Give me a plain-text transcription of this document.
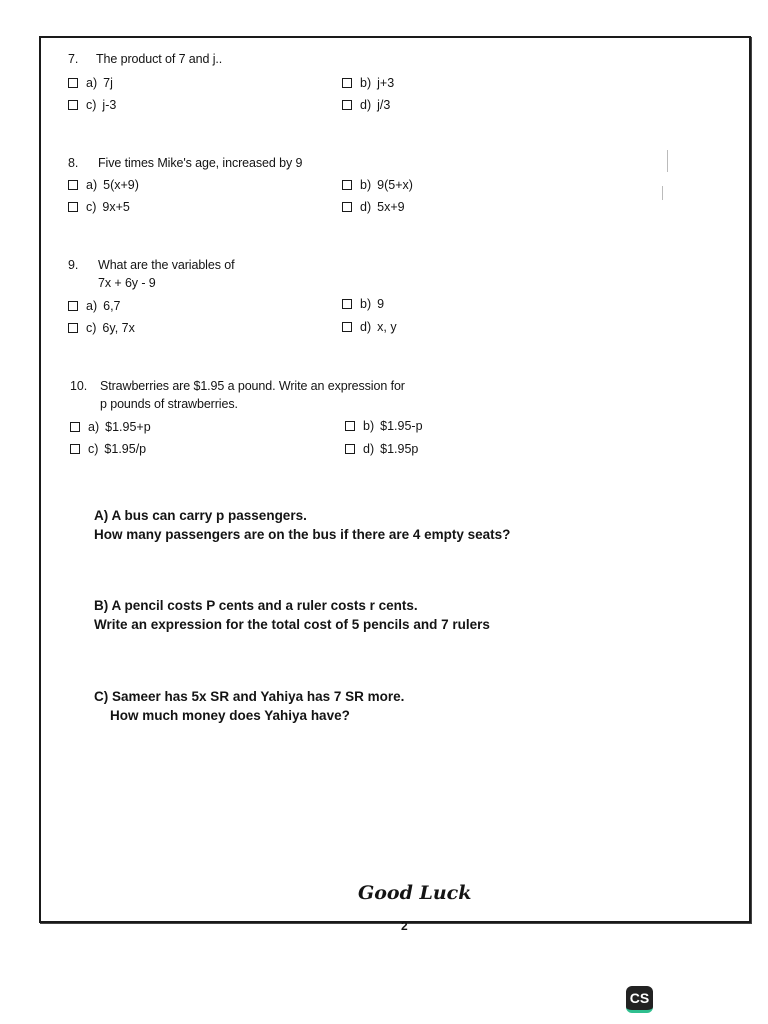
7. The product of 7 and j..
a) 7j	b) j+3
c) j-3	d) j/3
8. Five times Mike's age, increased by 9
a) 5(x+9)	b) 9(5+x)
c) 9x+5	d) 5x+9
9. What are the variables of
7x + 6y - 9
a) 6,7	b) 9
c) 6y, 7x	d) x, y
10. Strawberries are $1.95 a pound. Write an expression for
p pounds of strawberries.
a) $1.95+p	b) $1.95-p
c) $1.95/p	d) $1.95p
A) A bus can carry p passengers.
How many passengers are on the bus if there are 4 empty seats?
B) A pencil costs P cents and a ruler costs r cents.
Write an expression for the total cost of 5 pencils and 7 rulers
C) Sameer has 5x SR and Yahiya has 7 SR more.
How much money does Yahiya have?
Good Luck
2
CS
